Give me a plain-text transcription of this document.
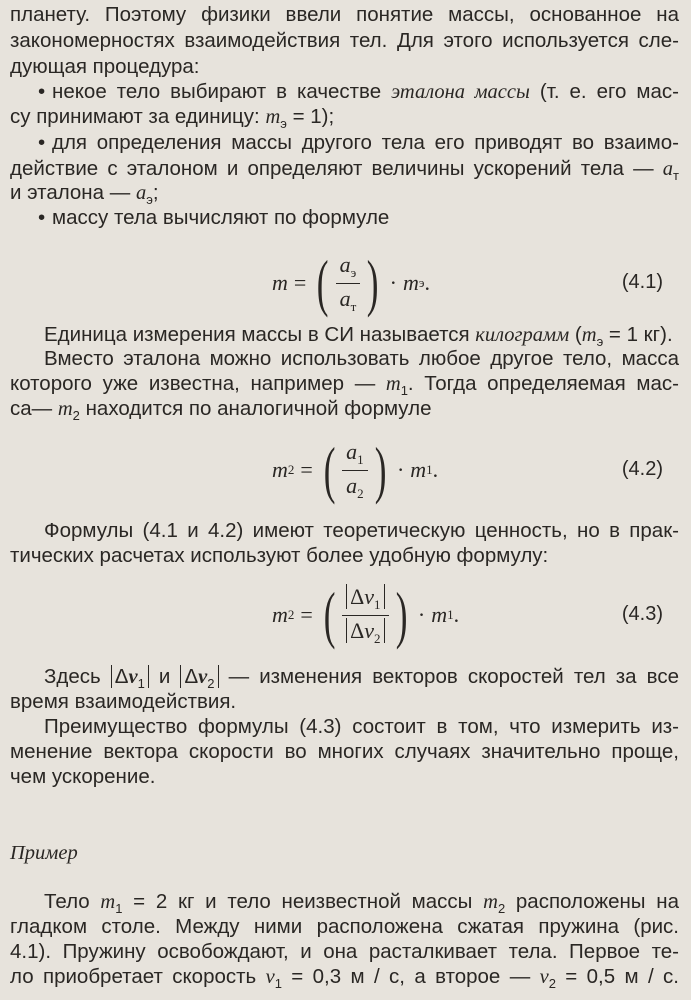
планету. Поэтому физики ввели понятие массы, основанное на
закономерностях взаимодействия тел. Для этого используется сле-
дующая процедура:
• некое тело выбирают в качестве эталона массы (т. е. его мас-
су принимают за единицу: $m_э = 1$);
• для определения массы другого тела его приводят во взаимо-
действие с эталоном и определяют величины ускорений тела — $a_т$
и эталона — $a_э$;
• массу тела вычисляют по формуле
m = ( $\frac{a_э}{a_т}$ ) · m э .	(4.1)
Единица измерения массы в СИ называется килограмм ($m_э = 1$ кг).
Вместо эталона можно использовать любое другое тело, масса
которого уже известна, например — $m_1$. Тогда определяемая мас-
са— $m_2$ находится по аналогичной формуле
m 2 = ( $\frac{a_1}{a_2}$ ) · m 1 .	(4.2)
Формулы (4.1 и 4.2) имеют теоретическую ценность, но в прак-
тических расчетах используют более удобную формулу:
m 2 = ( $\frac{\Delta v_1}{\Delta v_2}$ ) · m 1 .	(4.3)
Здесь $\Delta v_1$ и $\Delta v_2$ — изменения векторов скоростей тел за все
время взаимодействия.
Преимущество формулы (4.3) состоит в том, что измерить из-
менение вектора скорости во многих случаях значительно проще,
чем ускорение.
Пример
Тело $m_1 = 2$ кг и тело неизвестной массы $m_2$ расположены на
гладком столе. Между ними расположена сжатая пружина (рис.
4.1). Пружину освобождают, и она расталкивает тела. Первое те-
ло приобретает скорость $v_1 = 0,3$ м / с, а второе — $v_2 = 0,5$ м / с.
